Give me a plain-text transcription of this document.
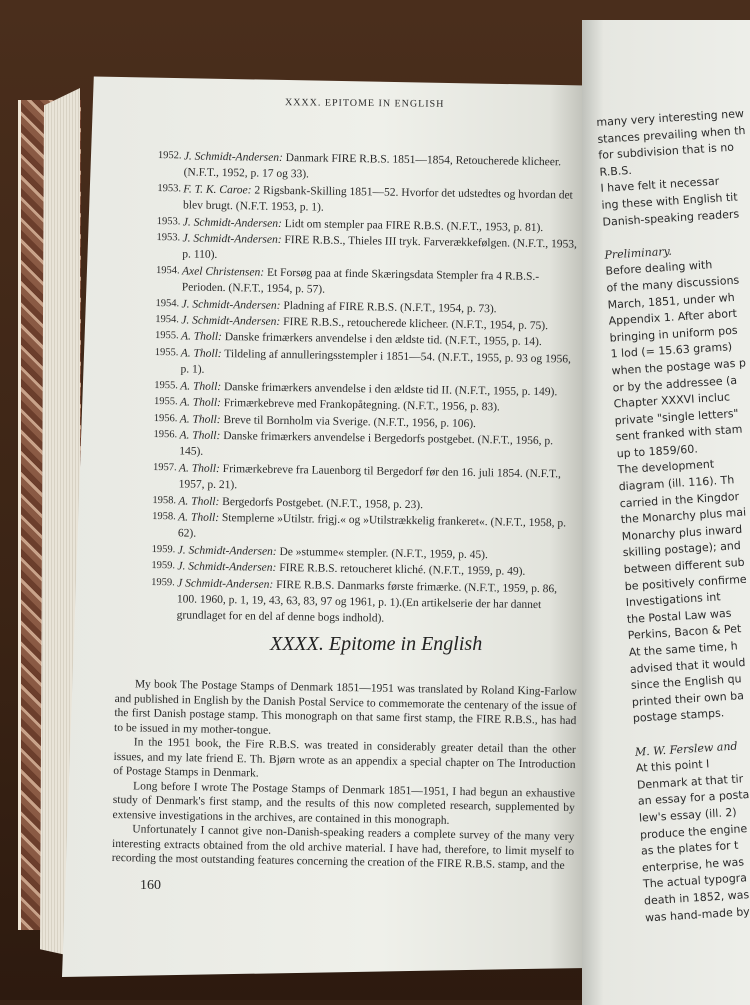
XXXX. EPITOME IN ENGLISH
1952. J. Schmidt-Andersen: Danmark FIRE R.B.S. 1851—1854, Retoucherede klicheer. (N.F.T., 1952, p. 17 og 33).
1953. F. T. K. Caroe: 2 Rigsbank-Skilling 1851—52. Hvorfor det udstedtes og hvordan det blev brugt. (N.F.T. 1953, p. 1).
1953. J. Schmidt-Andersen: Lidt om stempler paa FIRE R.B.S. (N.F.T., 1953, p. 81).
1953. J. Schmidt-Andersen: FIRE R.B.S., Thieles III tryk. Farverækkefølgen. (N.F.T., 1953, p. 110).
1954. Axel Christensen: Et Forsøg paa at finde Skæringsdata Stempler fra 4 R.B.S.-Perioden. (N.F.T., 1954, p. 57).
1954. J. Schmidt-Andersen: Pladning af FIRE R.B.S. (N.F.T., 1954, p. 73).
1954. J. Schmidt-Andersen: FIRE R.B.S., retoucherede klicheer. (N.F.T., 1954, p. 75).
1955. A. Tholl: Danske frimærkers anvendelse i den ældste tid. (N.F.T., 1955, p. 14).
1955. A. Tholl: Tildeling af annulleringsstempler i 1851—54. (N.F.T., 1955, p. 93 og 1956, p. 1).
1955. A. Tholl: Danske frimærkers anvendelse i den ældste tid II. (N.F.T., 1955, p. 149).
1955. A. Tholl: Frimærkebreve med Frankopåtegning. (N.F.T., 1956, p. 83).
1956. A. Tholl: Breve til Bornholm via Sverige. (N.F.T., 1956, p. 106).
1956. A. Tholl: Danske frimærkers anvendelse i Bergedorfs postgebet. (N.F.T., 1956, p. 145).
1957. A. Tholl: Frimærkebreve fra Lauenborg til Bergedorf før den 16. juli 1854. (N.F.T., 1957, p. 21).
1958. A. Tholl: Bergedorfs Postgebet. (N.F.T., 1958, p. 23).
1958. A. Tholl: Stemplerne »Utilstr. frigj.« og »Utilstrækkelig frankeret«. (N.F.T., 1958, p. 62).
1959. J. Schmidt-Andersen: De »stumme« stempler. (N.F.T., 1959, p. 45).
1959. J. Schmidt-Andersen: FIRE R.B.S. retoucheret kliché. (N.F.T., 1959, p. 49).
1959. J Schmidt-Andersen: FIRE R.B.S. Danmarks første frimærke. (N.F.T., 1959, p. 86, 100. 1960, p. 1, 19, 43, 63, 83, 97 og 1961, p. 1).(En artikelserie der har dannet grundlaget for en del af denne bogs indhold).
XXXX. Epitome in English

My book The Postage Stamps of Denmark 1851—1951 was translated by Roland King-Farlow and published in English by the Danish Postal Service to commemorate the centenary of the issue of the first Danish postage stamp. This monograph on that same first stamp, the FIRE R.B.S., has had to be issued in my mother-tongue.

In the 1951 book, the Fire R.B.S. was treated in considerably greater detail than the other issues, and my late friend E. Th. Bjørn wrote as an appendix a special chapter on The Introduction of Postage Stamps in Denmark.

Long before I wrote The Postage Stamps of Denmark 1851—1951, I had begun an exhaustive study of Denmark's first stamp, and the results of this now completed research, supplemented by extensive investigations in the archives, are contained in this monograph.

Unfortunately I cannot give non-Danish-speaking readers a complete survey of the many very interesting extracts obtained from the old archive material. I have had, therefore, to limit myself to recording the most outstanding features concerning the creation of the FIRE R.B.S. stamp, and the

160
many very interesting new
stances prevailing when th
for subdivision that is no
R.B.S.
I have felt it necessar
ing these with English tit
Danish-speaking readers

Preliminary.
Before dealing with
of the many discussions
March, 1851, under wh
Appendix 1. After abort
bringing in uniform pos
1 lod (= 15.63 grams)
when the postage was p
or by the addressee (a
Chapter XXXVI incluc
private "single letters"
sent franked with stam
up to 1859/60.
The development
diagram (ill. 116). Th
carried in the Kingdor
the Monarchy plus mai
Monarchy plus inward
skilling postage); and
between different sub
be positively confirme
Investigations int
the Postal Law was
Perkins, Bacon & Pet
At the same time, h
advised that it would
since the English qu
printed their own ba
postage stamps.

M. W. Ferslew and
At this point I
Denmark at that tir
an essay for a posta
lew's essay (ill. 2)
produce the engine
as the plates for t
enterprise, he was
The actual typogra
death in 1852, was
was hand-made by
